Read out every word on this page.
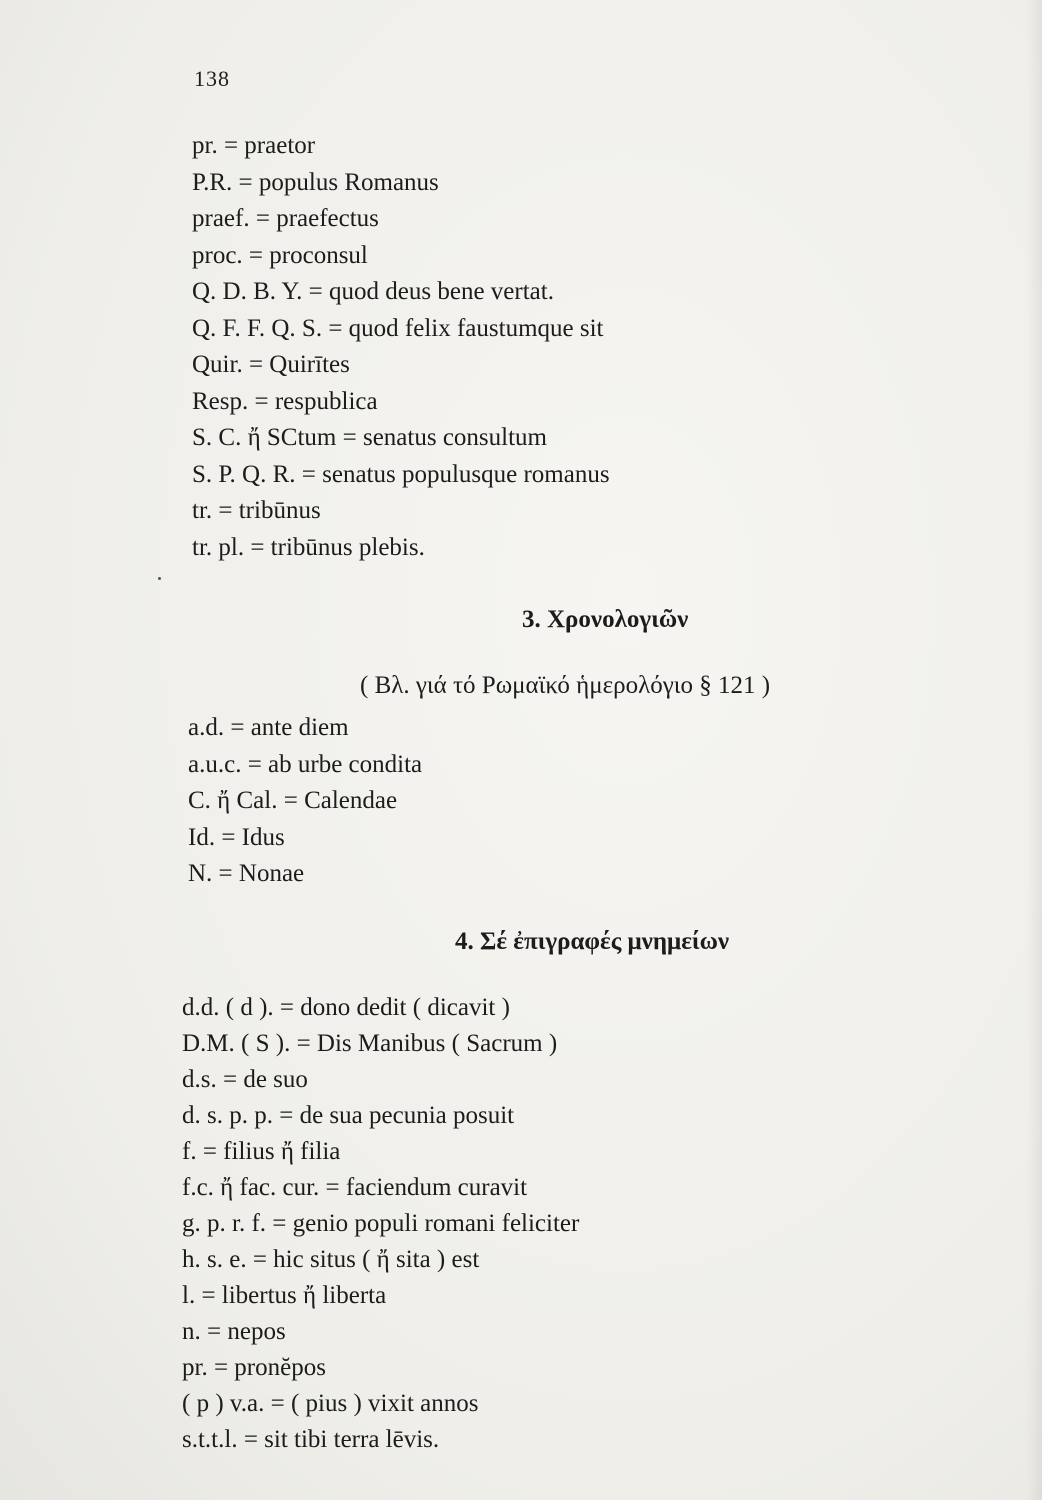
138
pr. = praetor
P.R. = populus Romanus
praef. = praefectus
proc. = proconsul
Q. D. B. Y. = quod deus bene vertat.
Q. F. F. Q. S. = quod felix faustumque sit
Quir. = Quirītes
Resp. = respublica
S. C. ἤ SCtum = senatus consultum
S. P. Q. R. = senatus populusque romanus
tr. = tribūnus
tr. pl. = tribūnus plebis.
3. Χρονολογιῶν
( Βλ. γιά τό Ρωμαϊκό ἡμερολόγιο § 121 )
a.d. = ante diem
a.u.c. = ab urbe condita
C. ἤ Cal. = Calendae
Id. = Idus
N. = Nonae
4. Σέ ἐπιγραφές μνημείων
d.d. ( d ). = dono dedit ( dicavit )
D.M. ( S ). = Dis Manibus ( Sacrum )
d.s. = de suo
d. s. p. p. = de sua pecunia posuit
f. = filius ἤ filia
f.c. ἤ fac. cur. = faciendum curavit
g. p. r. f. = genio populi romani feliciter
h. s. e. = hic situs ( ἤ sita ) est
l. = libertus ἤ liberta
n. = nepos
pr. = pronĕpos
( p ) v.a. = ( pius ) vixit annos
s.t.t.l. = sit tibi terra lēvis.
